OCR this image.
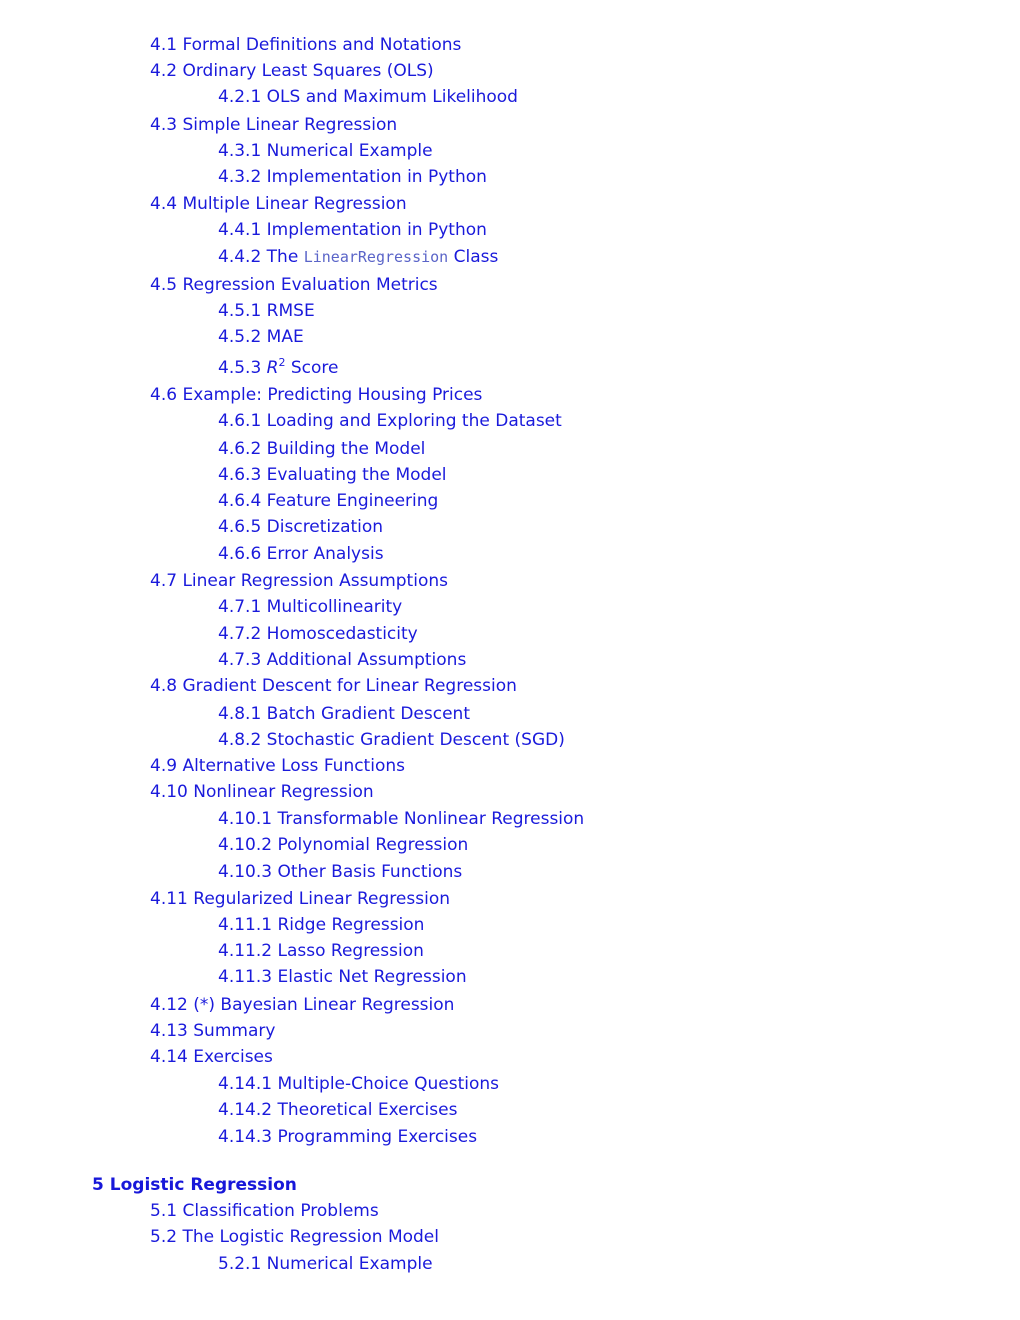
4.1 Formal Definitions and Notations
4.2 Ordinary Least Squares (OLS)
4.2.1 OLS and Maximum Likelihood
4.3 Simple Linear Regression
4.3.1 Numerical Example
4.3.2 Implementation in Python
4.4 Multiple Linear Regression
4.4.1 Implementation in Python
4.4.2 The LinearRegression Class
4.5 Regression Evaluation Metrics
4.5.1 RMSE
4.5.2 MAE
4.5.3 $R^2$ Score
4.6 Example: Predicting Housing Prices
4.6.1 Loading and Exploring the Dataset
4.6.2 Building the Model
4.6.3 Evaluating the Model
4.6.4 Feature Engineering
4.6.5 Discretization
4.6.6 Error Analysis
4.7 Linear Regression Assumptions
4.7.1 Multicollinearity
4.7.2 Homoscedasticity
4.7.3 Additional Assumptions
4.8 Gradient Descent for Linear Regression
4.8.1 Batch Gradient Descent
4.8.2 Stochastic Gradient Descent (SGD)
4.9 Alternative Loss Functions
4.10 Nonlinear Regression
4.10.1 Transformable Nonlinear Regression
4.10.2 Polynomial Regression
4.10.3 Other Basis Functions
4.11 Regularized Linear Regression
4.11.1 Ridge Regression
4.11.2 Lasso Regression
4.11.3 Elastic Net Regression
4.12 (*) Bayesian Linear Regression
4.13 Summary
4.14 Exercises
4.14.1 Multiple-Choice Questions
4.14.2 Theoretical Exercises
4.14.3 Programming Exercises
5 Logistic Regression
5.1 Classification Problems
5.2 The Logistic Regression Model
5.2.1 Numerical Example
